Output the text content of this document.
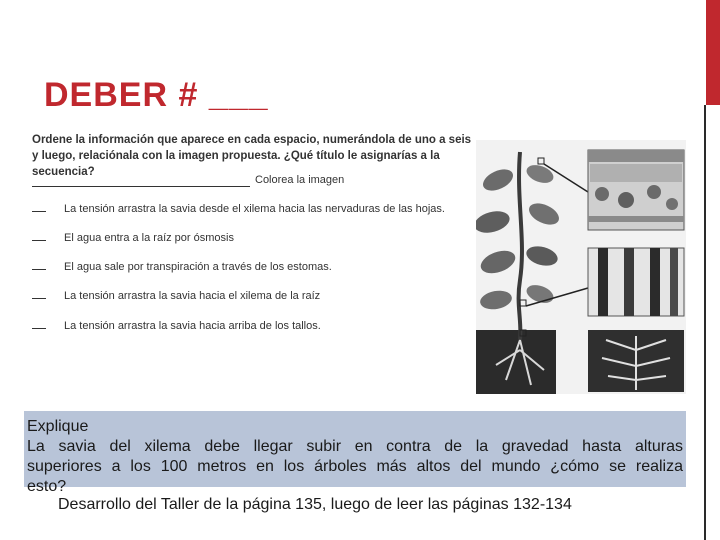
DEBER # ___
Ordene la información que aparece en cada espacio, numerándola de uno a seis y luego, relaciónala con la imagen propuesta. ¿Qué título le asignarías a la secuencia?
Colorea la imagen
La tensión arrastra la savia desde el xilema hacia las nervaduras de las hojas.
El agua entra a la raíz por ósmosis
El agua sale por transpiración a través de los estomas.
La tensión arrastra la savia hacia el xilema de la raíz
La tensión arrastra la savia hacia arriba de los tallos.
Explique
La savia del xilema debe llegar subir en contra de la gravedad hasta alturas
superiores a los 100 metros en los árboles más altos del mundo ¿cómo se realiza
esto?
Desarrollo del Taller de la página 135, luego de leer las páginas 132-134
